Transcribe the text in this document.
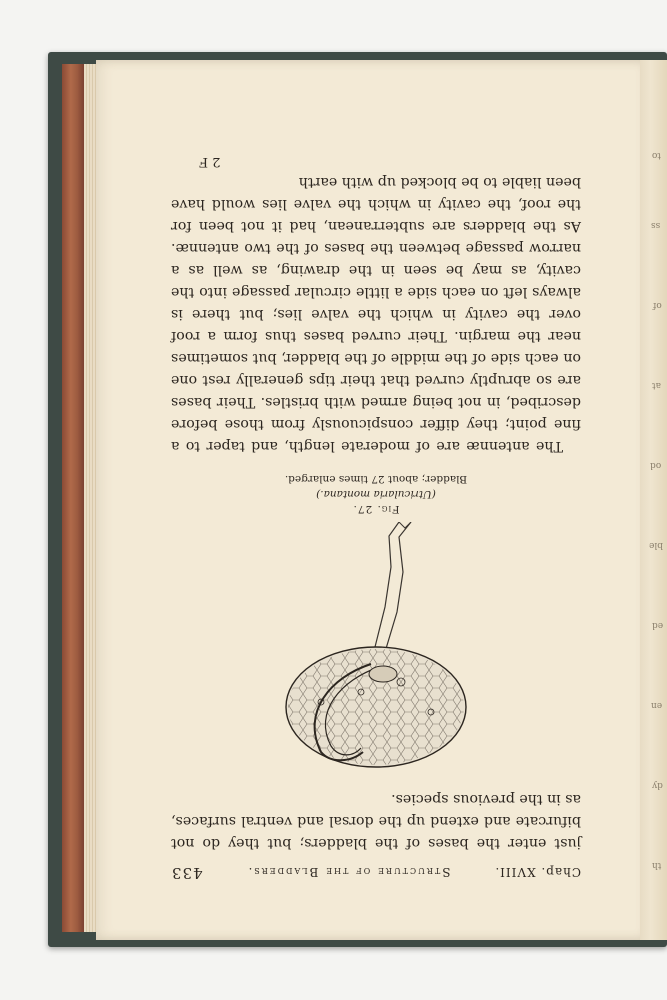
to
ss
of
at
od
ble
ed
en
dy
th
Chap. XVIII.
Structure of the Bladders.
433

just enter the bases of the bladders; but they do not bifurcate and extend up the dorsal and ventral surfaces, as in the previous species.

Fig. 27.

(Utricularia montana.)

Bladder; about 27 times enlarged.

The antennæ are of moderate length, and taper to a fine point; they differ conspicuously from those before described, in not being armed with bristles. Their bases are so abruptly curved that their tips generally rest one on each side of the middle of the bladder, but sometimes near the margin. Their curved bases thus form a roof over the cavity in which the valve lies; but there is always left on each side a little circular passage into the cavity, as may be seen in the drawing, as well as a narrow passage between the bases of the two antennæ. As the bladders are subterranean, had it not been for the roof, the cavity in which the valve lies would have been liable to be blocked up with earth

2 F
